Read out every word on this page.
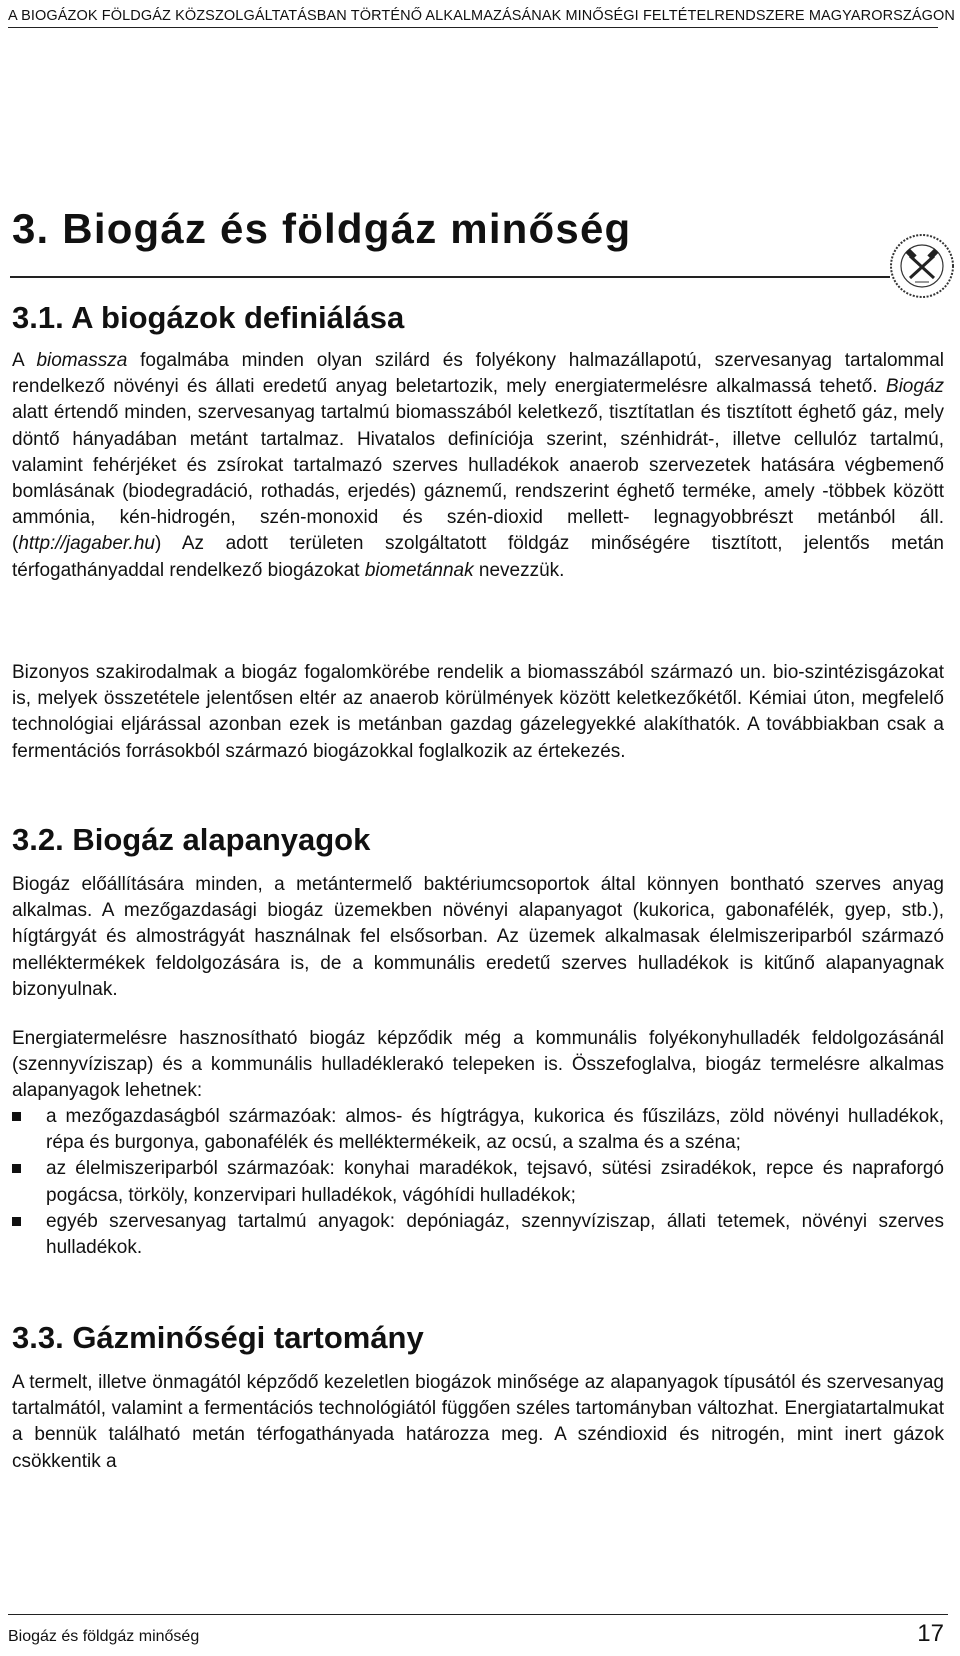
A BIOGÁZOK FÖLDGÁZ KÖZSZOLGÁLTATÁSBAN TÖRTÉNŐ ALKALMAZÁSÁNAK MINŐSÉGI FELTÉTELRENDSZERE MAGYARORSZÁGON
3. Biogáz és földgáz minőség
3.1. A biogázok definiálása

A biomassza fogalmába minden olyan szilárd és folyékony halmazállapotú, szervesanyag tartalommal rendelkező növényi és állati eredetű anyag beletartozik, mely energiatermelésre alkalmassá tehető. Biogáz alatt értendő minden, szervesanyag tartalmú biomasszából keletkező, tisztítatlan és tisztított éghető gáz, mely döntő hányadában metánt tartalmaz. Hivatalos definíciója szerint, szénhidrát-, illetve cellulóz tartalmú, valamint fehérjéket és zsírokat tartalmazó szerves hulladékok anaerob szervezetek hatására végbemenő bomlásának (biodegradáció, rothadás, erjedés) gáznemű, rendszerint éghető terméke, amely -többek között ammónia, kén-hidrogén, szén-monoxid és szén-dioxid mellett- legnagyobbrészt metánból áll. (http://jagaber.hu) Az adott területen szolgáltatott földgáz minőségére tisztított, jelentős metán térfogathányaddal rendelkező biogázokat biometánnak nevezzük.

Bizonyos szakirodalmak a biogáz fogalomkörébe rendelik a biomasszából származó un. bio-szintézisgázokat is, melyek összetétele jelentősen eltér az anaerob körülmények között keletkezőkétől. Kémiai úton, megfelelő technológiai eljárással azonban ezek is metánban gazdag gázelegyekké alakíthatók. A továbbiakban csak a fermentációs forrásokból származó biogázokkal foglalkozik az értekezés.

3.2. Biogáz alapanyagok

Biogáz előállítására minden, a metántermelő baktériumcsoportok által könnyen bontható szerves anyag alkalmas. A mezőgazdasági biogáz üzemekben növényi alapanyagot (kukorica, gabonafélék, gyep, stb.), hígtárgyát és almostrágyát használnak fel elsősorban. Az üzemek alkalmasak élelmiszeriparból származó melléktermékek feldolgozására is, de a kommunális eredetű szerves hulladékok is kitűnő alapanyagnak bizonyulnak.

Energiatermelésre hasznosítható biogáz képződik még a kommunális folyékonyhulladék feldolgozásánál (szennyvíziszap) és a kommunális hulladéklerakó telepeken is. Összefoglalva, biogáz termelésre alkalmas alapanyagok lehetnek:

a mezőgazdaságból származóak: almos- és hígtrágya, kukorica és fűszilázs, zöld növényi hulladékok, répa és burgonya, gabonafélék és melléktermékeik, az ocsú, a szalma és a széna;
az élelmiszeriparból származóak: konyhai maradékok, tejsavó, sütési zsiradékok, repce és napraforgó pogácsa, törköly, konzervipari hulladékok, vágóhídi hulladékok;
egyéb szervesanyag tartalmú anyagok: depóniagáz, szennyvíziszap, állati tetemek, növényi szerves hulladékok.
3.3. Gázminőségi tartomány

A termelt, illetve önmagától képződő kezeletlen biogázok minősége az alapanyagok típusától és szervesanyag tartalmától, valamint a fermentációs technológiától függően széles tartományban változhat. Energiatartalmukat a bennük található metán térfogathányada határozza meg. A széndioxid és nitrogén, mint inert gázok csökkentik a

Biogáz és földgáz minőség	17
